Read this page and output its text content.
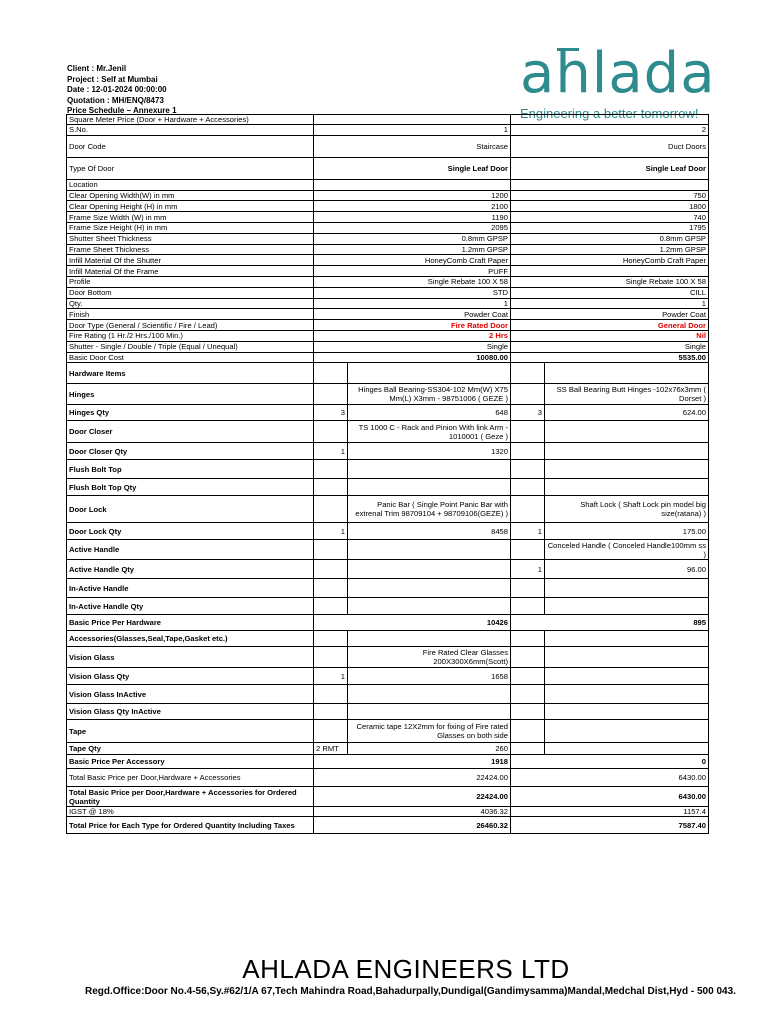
Client : Mr.Jenil
Project : Self at Mumbai
Date : 12-01-2024 00:00:00
Quotation : MH/ENQ/8473
Price Schedule – Annexure 1
ahlada
Engineering a better tomorrow!
Square Meter Price (Door + Hardware + Accessories)				
S.No.	1		2	
Door Code	Staircase		Duct Doors	
Type Of Door	Single Leaf Door		Single Leaf Door	
Location				
Clear Opening Width(W) in mm	1200		750	
Clear Opening Height (H) in mm	2100		1800	
Frame Size Width (W) in mm	1190		740	
Frame Size Height (H) in mm	2095		1795	
Shutter Sheet Thickness	0.8mm GPSP		0.8mm GPSP	
Frame Sheet Thickness	1.2mm GPSP		1.2mm GPSP	
Infill Material Of the Shutter	HoneyComb Craft Paper		HoneyComb Craft Paper	
Infill Material Of the Frame	PUFF			
Profile	Single Rebate 100 X 58		Single Rebate 100 X 58	
Door Bottom	STD		CILL	
Qty.	1		1	
Finish	Powder Coat		Powder Coat	
Door Type (General / Scientific / Fire / Lead)	Fire Rated Door		General Door	
Fire Rating (1 Hr./2 Hrs./100 Min.)	2 Hrs		Nil	
Shutter - Single / Double / Triple (Equal / Unequal)	Single		Single	
Basic Door Cost	10080.00		5535.00	
Hardware Items				
Hinges		Hinges Ball Bearing-SS304-102 Mm(W) X75 Mm(L) X3mm - 98751006 ( GEZE )		SS Ball Bearing Butt Hinges -102x76x3mm ( Dorset )
Hinges Qty	3	648	3	624.00
Door Closer		TS 1000 C - Rack and Pinion With link Arm - 1010001 ( Geze )		
Door Closer Qty	1	1320		
Flush Bolt Top				
Flush Bolt Top Qty				
Door Lock		Panic Bar ( Single Point Panic Bar with extrenal Trim 98709104 + 98709106(GEZE) )		Shaft Lock ( Shaft Lock pin model big size(ratana) )
Door Lock Qty	1	8458	1	175.00
Active Handle				Conceled Handle ( Conceled Handle100mm ss )
Active Handle Qty			1	96.00
In-Active Handle				
In-Active Handle Qty				
Basic Price Per Hardware	10426		895	
Accessories(Glasses,Seal,Tape,Gasket etc.)				
Vision Glass		Fire Rated Clear Glasses 200X300X6mm(Scott)		
Vision Glass Qty	1	1658		
Vision Glass InActive				
Vision Glass Qty InActive				
Tape		Ceramic tape 12X2mm for fixing of Fire rated Glasses on both side		
Tape Qty	2 RMT	260		
Basic Price Per Accessory	1918		0	
Total Basic Price per Door,Hardware + Accessories	22424.00		6430.00	
Total Basic Price per Door,Hardware + Accessories for Ordered Quantity	22424.00		6430.00	
IGST @ 18%	4036.32		1157.4	
Total Price for Each Type for Ordered Quantity Including Taxes	26460.32		7587.40	
AHLADA ENGINEERS LTD
Regd.Office:Door No.4-56,Sy.#62/1/A 67,Tech Mahindra Road,Bahadurpally,Dundigal(Gandimysamma)Mandal,Medchal Dist,Hyd - 500 043.
